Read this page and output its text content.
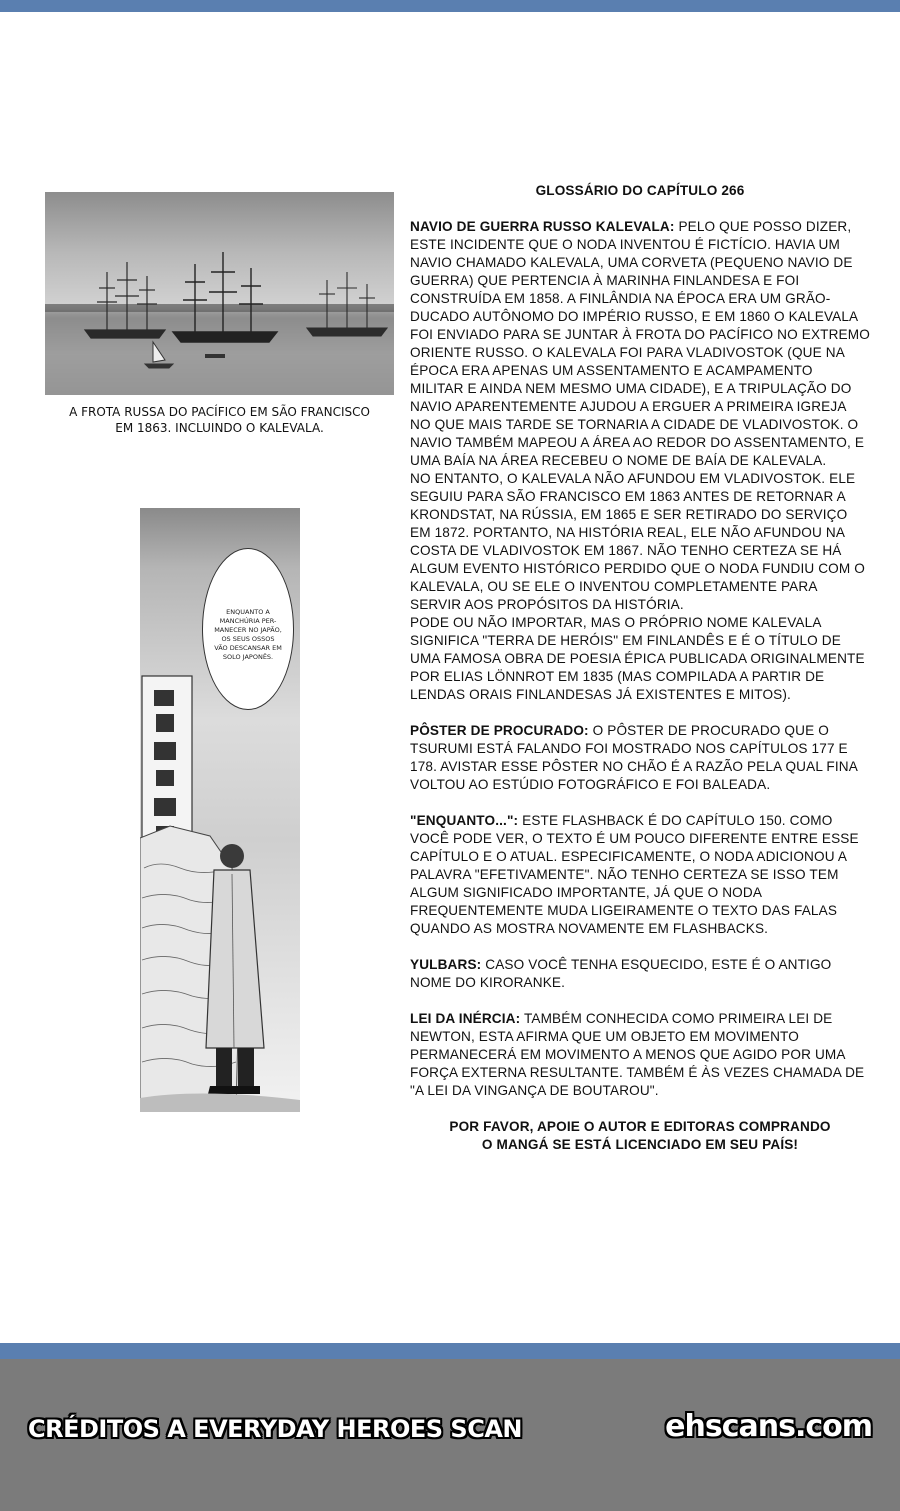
A FROTA RUSSA DO PACÍFICO EM SÃO FRANCISCO
EM 1863. INCLUINDO O KALEVALA.
ENQUANTO A
MANCHÚRIA PER-
MANECER NO JAPÃO,
OS SEUS OSSOS
VÃO DESCANSAR EM
SOLO JAPONÊS.
GLOSSÁRIO DO CAPÍTULO 266

NAVIO DE GUERRA RUSSO KALEVALA: PELO QUE POSSO DIZER, ESTE INCIDENTE QUE O NODA INVENTOU É FICTÍCIO. HAVIA UM NAVIO CHAMADO KALEVALA, UMA CORVETA (PEQUENO NAVIO DE GUERRA) QUE PERTENCIA À MARINHA FINLANDESA E FOI CONSTRUÍDA EM 1858. A FINLÂNDIA NA ÉPOCA ERA UM GRÃO-DUCADO AUTÔNOMO DO IMPÉRIO RUSSO, E EM 1860 O KALEVALA FOI ENVIADO PARA SE JUNTAR À FROTA DO PACÍFICO NO EXTREMO ORIENTE RUSSO. O KALEVALA FOI PARA VLADIVOSTOK (QUE NA ÉPOCA ERA APENAS UM ASSENTAMENTO E ACAMPAMENTO MILITAR E AINDA NEM MESMO UMA CIDADE), E A TRIPULAÇÃO DO NAVIO APARENTEMENTE AJUDOU A ERGUER A PRIMEIRA IGREJA NO QUE MAIS TARDE SE TORNARIA A CIDADE DE VLADIVOSTOK. O NAVIO TAMBÉM MAPEOU A ÁREA AO REDOR DO ASSENTAMENTO, E UMA BAÍA NA ÁREA RECEBEU O NOME DE BAÍA DE KALEVALA.

NO ENTANTO, O KALEVALA NÃO AFUNDOU EM VLADIVOSTOK. ELE SEGUIU PARA SÃO FRANCISCO EM 1863 ANTES DE RETORNAR A KRONDSTAT, NA RÚSSIA, EM 1865 E SER RETIRADO DO SERVIÇO EM 1872. PORTANTO, NA HISTÓRIA REAL, ELE NÃO AFUNDOU NA COSTA DE VLADIVOSTOK EM 1867. NÃO TENHO CERTEZA SE HÁ ALGUM EVENTO HISTÓRICO PERDIDO QUE O NODA FUNDIU COM O KALEVALA, OU SE ELE O INVENTOU COMPLETAMENTE PARA SERVIR AOS PROPÓSITOS DA HISTÓRIA.

PODE OU NÃO IMPORTAR, MAS O PRÓPRIO NOME KALEVALA SIGNIFICA "TERRA DE HERÓIS" EM FINLANDÊS E É O TÍTULO DE UMA FAMOSA OBRA DE POESIA ÉPICA PUBLICADA ORIGINALMENTE POR ELIAS LÖNNROT EM 1835 (MAS COMPILADA A PARTIR DE LENDAS ORAIS FINLANDESAS JÁ EXISTENTES E MITOS).

PÔSTER DE PROCURADO: O PÔSTER DE PROCURADO QUE O TSURUMI ESTÁ FALANDO FOI MOSTRADO NOS CAPÍTULOS 177 E 178. AVISTAR ESSE PÔSTER NO CHÃO É A RAZÃO PELA QUAL FINA VOLTOU AO ESTÚDIO FOTOGRÁFICO E FOI BALEADA.

"ENQUANTO...": ESTE FLASHBACK É DO CAPÍTULO 150. COMO VOCÊ PODE VER, O TEXTO É UM POUCO DIFERENTE ENTRE ESSE CAPÍTULO E O ATUAL. ESPECIFICAMENTE, O NODA ADICIONOU A PALAVRA "EFETIVAMENTE". NÃO TENHO CERTEZA SE ISSO TEM ALGUM SIGNIFICADO IMPORTANTE, JÁ QUE O NODA FREQUENTEMENTE MUDA LIGEIRAMENTE O TEXTO DAS FALAS QUANDO AS MOSTRA NOVAMENTE EM FLASHBACKS.

YULBARS: CASO VOCÊ TENHA ESQUECIDO, ESTE É O ANTIGO NOME DO KIRORANKE.

LEI DA INÉRCIA: TAMBÉM CONHECIDA COMO PRIMEIRA LEI DE NEWTON, ESTA AFIRMA QUE UM OBJETO EM MOVIMENTO PERMANECERÁ EM MOVIMENTO A MENOS QUE AGIDO POR UMA FORÇA EXTERNA RESULTANTE. TAMBÉM É ÀS VEZES CHAMADA DE "A LEI DA VINGANÇA DE BOUTAROU".

POR FAVOR, APOIE O AUTOR E EDITORAS COMPRANDO
O MANGÁ SE ESTÁ LICENCIADO EM SEU PAÍS!
CRÉDITOS A EVERYDAY HEROES SCAN	ehscans.com
